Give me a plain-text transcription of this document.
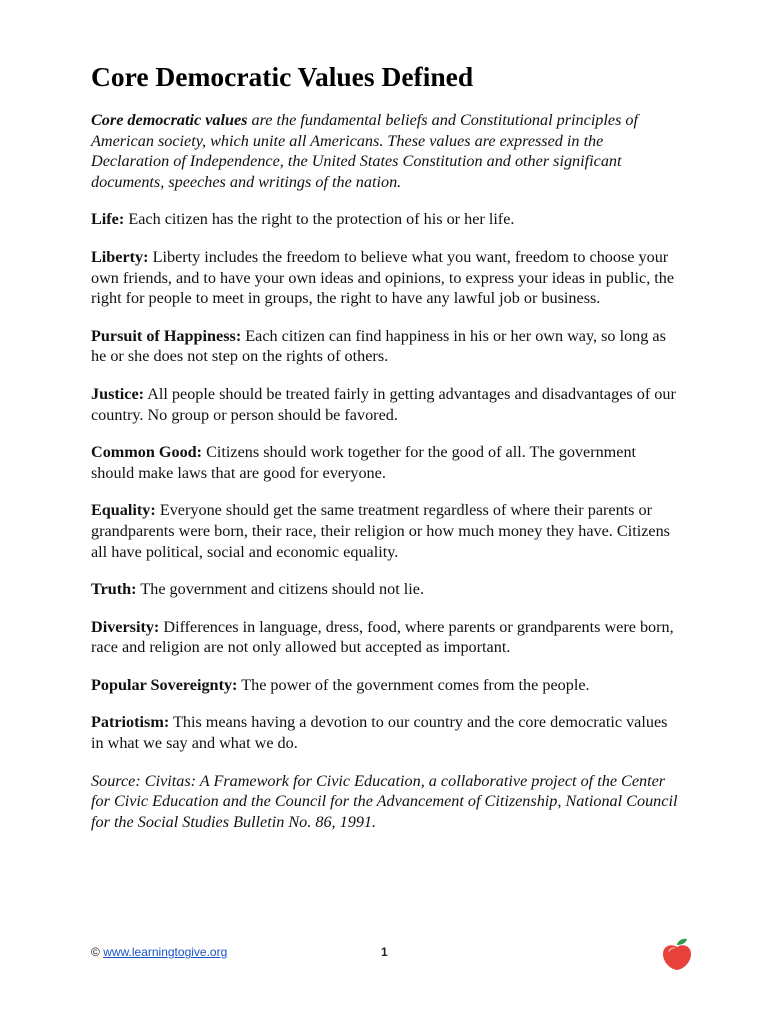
Core Democratic Values Defined

Core democratic values are the fundamental beliefs and Constitutional principles of American society, which unite all Americans. These values are expressed in the Declaration of Independence, the United States Constitution and other significant documents, speeches and writings of the nation.

Life: Each citizen has the right to the protection of his or her life.

Liberty: Liberty includes the freedom to believe what you want, freedom to choose your own friends, and to have your own ideas and opinions, to express your ideas in public, the right for people to meet in groups, the right to have any lawful job or business.

Pursuit of Happiness: Each citizen can find happiness in his or her own way, so long as he or she does not step on the rights of others.

Justice: All people should be treated fairly in getting advantages and disadvantages of our country. No group or person should be favored.

Common Good: Citizens should work together for the good of all. The government should make laws that are good for everyone.

Equality: Everyone should get the same treatment regardless of where their parents or grandparents were born, their race, their religion or how much money they have. Citizens all have political, social and economic equality.

Truth: The government and citizens should not lie.

Diversity: Differences in language, dress, food, where parents or grandparents were born, race and religion are not only allowed but accepted as important.

Popular Sovereignty: The power of the government comes from the people.

Patriotism: This means having a devotion to our country and the core democratic values in what we say and what we do.

Source: Civitas: A Framework for Civic Education, a collaborative project of the Center for Civic Education and the Council for the Advancement of Citizenship, National Council for the Social Studies Bulletin No. 86, 1991.

© www.learningtogive.org	1
